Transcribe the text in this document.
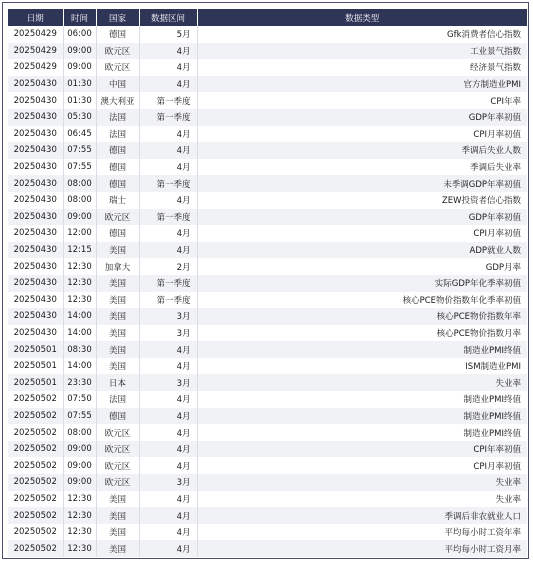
日期	时间	国家	数据区间	数据类型
20250429	06:00	德国	5月	Gfk消费者信心指数
20250429	09:00	欧元区	4月	工业景气指数
20250429	09:00	欧元区	4月	经济景气指数
20250430	01:30	中国	4月	官方制造业PMI
20250430	01:30	澳大利亚	第一季度	CPI年率
20250430	05:30	法国	第一季度	GDP年率初值
20250430	06:45	法国	4月	CPI月率初值
20250430	07:55	德国	4月	季调后失业人数
20250430	07:55	德国	4月	季调后失业率
20250430	08:00	德国	第一季度	未季调GDP年率初值
20250430	08:00	瑞士	4月	ZEW投资者信心指数
20250430	09:00	欧元区	第一季度	GDP年率初值
20250430	12:00	德国	4月	CPI月率初值
20250430	12:15	美国	4月	ADP就业人数
20250430	12:30	加拿大	2月	GDP月率
20250430	12:30	美国	第一季度	实际GDP年化季率初值
20250430	12:30	美国	第一季度	核心PCE物价指数年化季率初值
20250430	14:00	美国	3月	核心PCE物价指数年率
20250430	14:00	美国	3月	核心PCE物价指数月率
20250501	08:30	美国	4月	制造业PMI终值
20250501	14:00	美国	4月	ISM制造业PMI
20250501	23:30	日本	3月	失业率
20250502	07:50	法国	4月	制造业PMI终值
20250502	07:55	德国	4月	制造业PMI终值
20250502	08:00	欧元区	4月	制造业PMI终值
20250502	09:00	欧元区	4月	CPI年率初值
20250502	09:00	欧元区	4月	CPI月率初值
20250502	09:00	欧元区	3月	失业率
20250502	12:30	美国	4月	失业率
20250502	12:30	美国	4月	季调后非农就业人口
20250502	12:30	美国	4月	平均每小时工资年率
20250502	12:30	美国	4月	平均每小时工资月率
